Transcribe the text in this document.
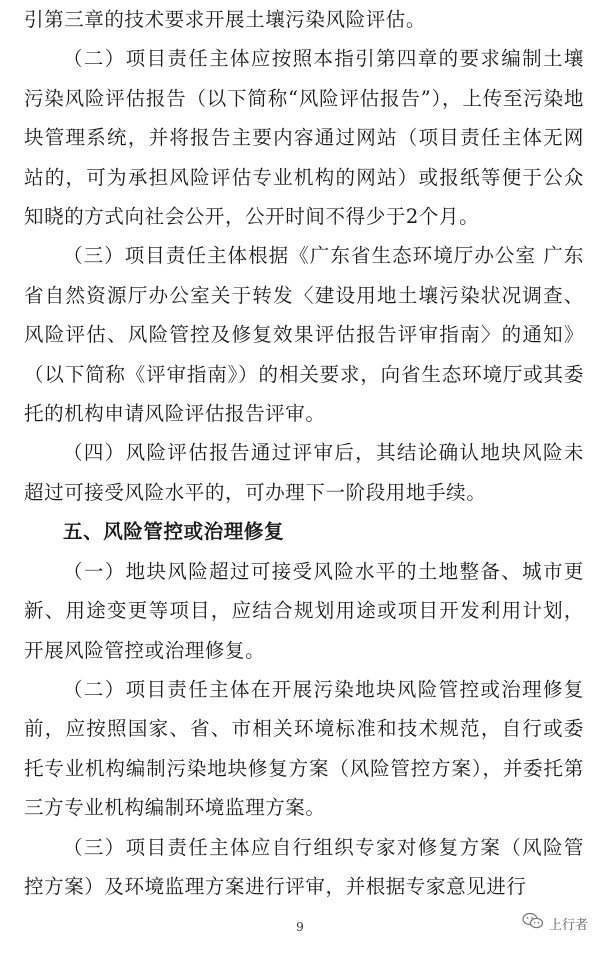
引第三章的技术要求开展土壤污染风险评估。

（二）项目责任主体应按照本指引第四章的要求编制土壤污染风险评估报告（以下简称“风险评估报告”），上传至污染地块管理系统，并将报告主要内容通过网站（项目责任主体无网站的，可为承担风险评估专业机构的网站）或报纸等便于公众知晓的方式向社会公开，公开时间不得少于2个月。

（三）项目责任主体根据《广东省生态环境厅办公室 广东省自然资源厅办公室关于转发〈建设用地土壤污染状况调查、风险评估、风险管控及修复效果评估报告评审指南〉的通知》（以下简称《评审指南》）的相关要求，向省生态环境厅或其委托的机构申请风险评估报告评审。

（四）风险评估报告通过评审后，其结论确认地块风险未超过可接受风险水平的，可办理下一阶段用地手续。

五、风险管控或治理修复

（一）地块风险超过可接受风险水平的土地整备、城市更新、用途变更等项目，应结合规划用途或项目开发利用计划，开展风险管控或治理修复。

（二）项目责任主体在开展污染地块风险管控或治理修复前，应按照国家、省、市相关环境标准和技术规范，自行或委托专业机构编制污染地块修复方案（风险管控方案），并委托第三方专业机构编制环境监理方案。

（三）项目责任主体应自行组织专家对修复方案（风险管控方案）及环境监理方案进行评审，并根据专家意见进行

9	上行者
